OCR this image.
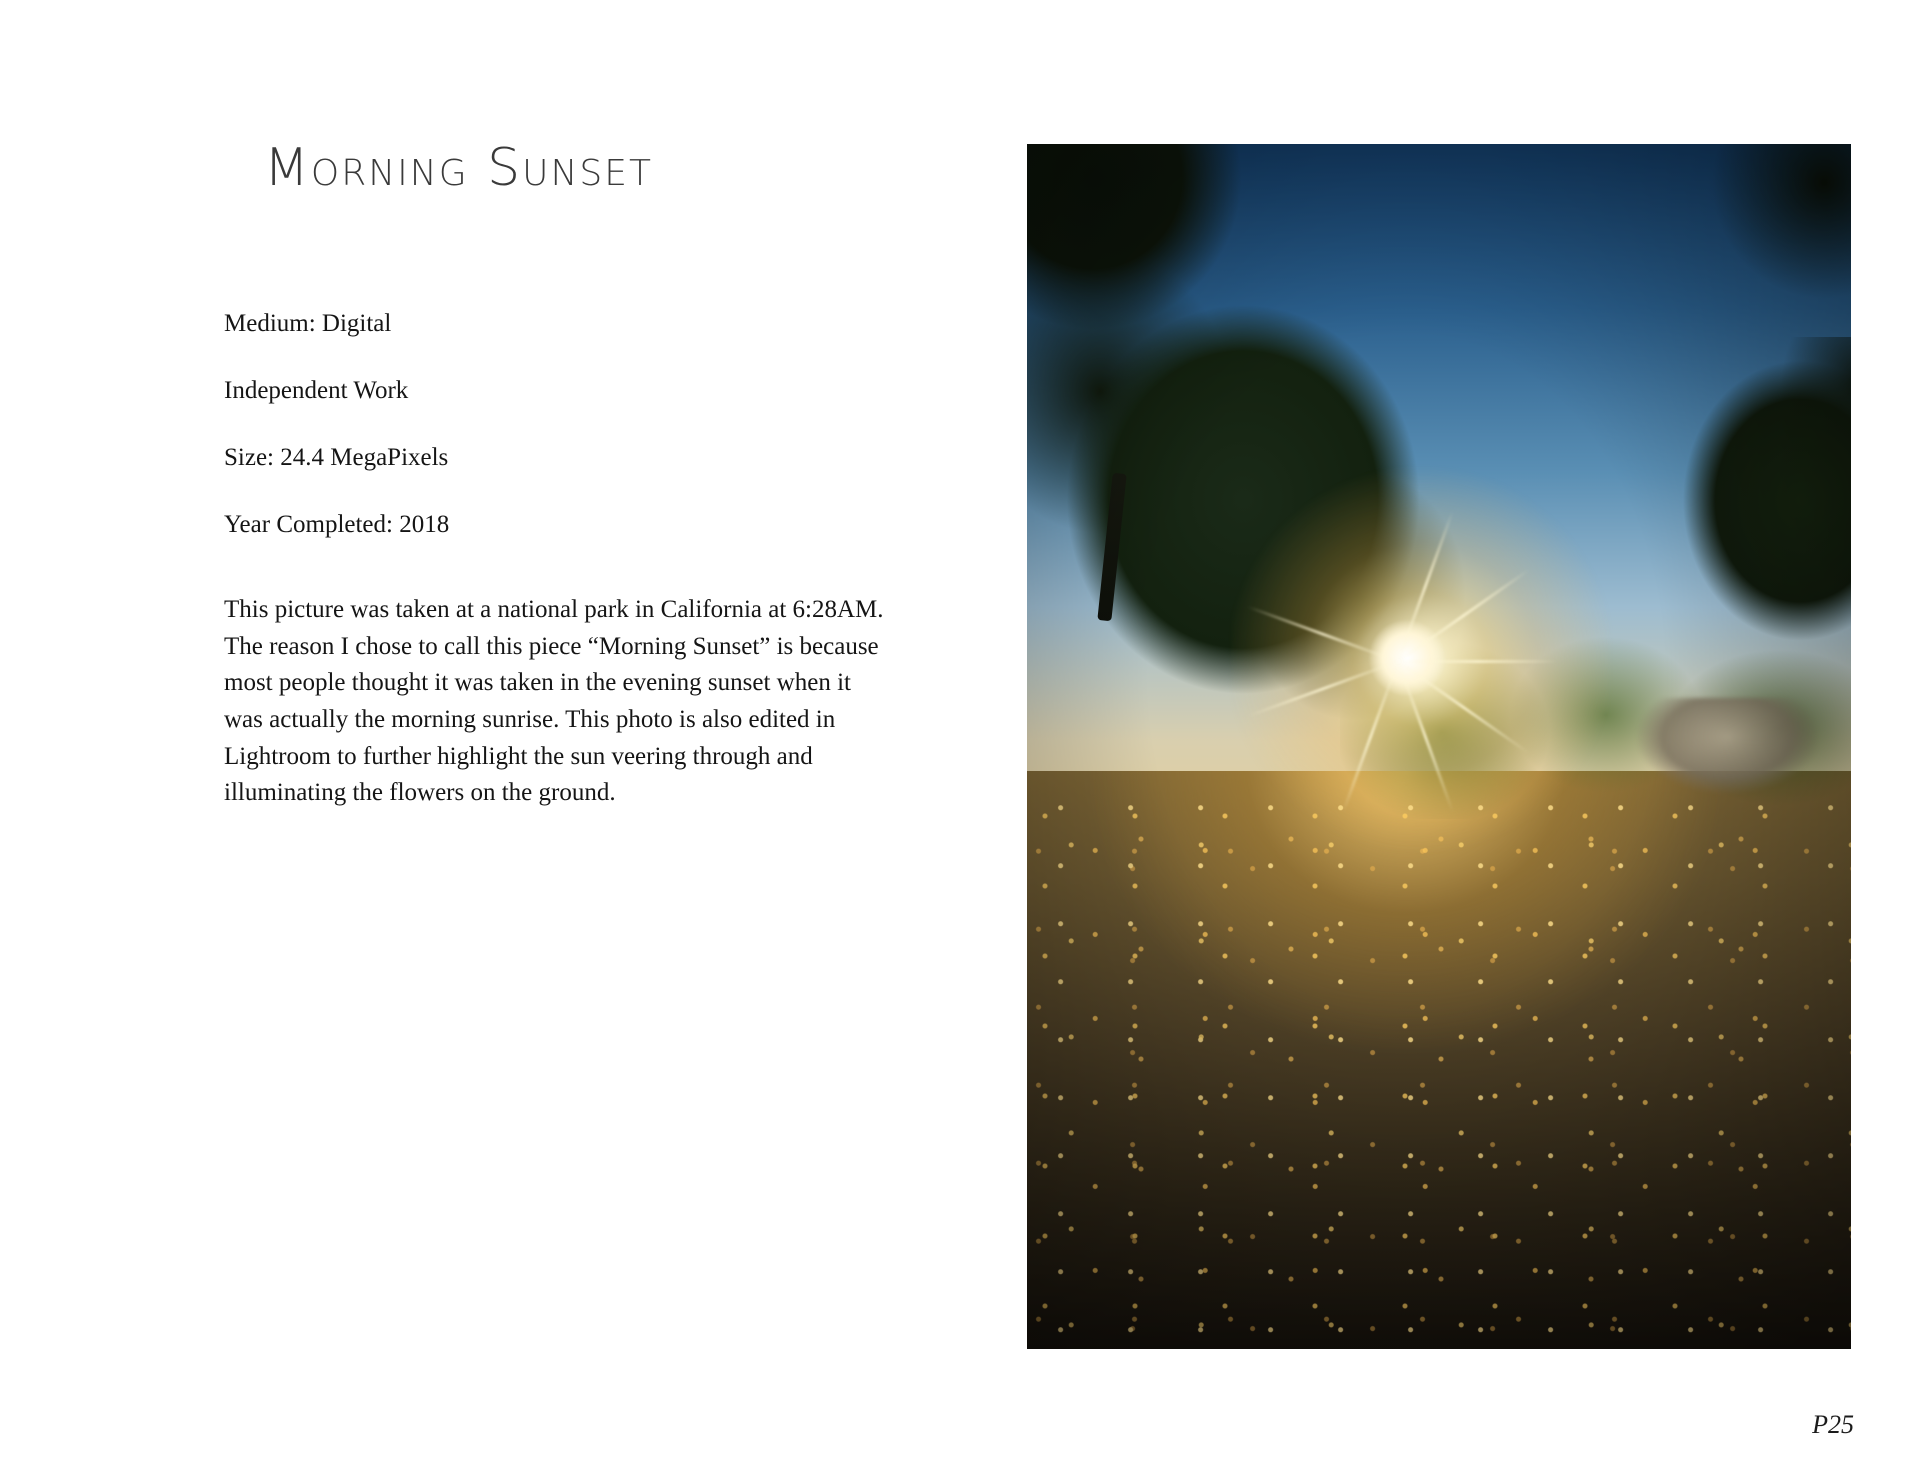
Morning Sunset
Medium: Digital
Independent Work
Size: 24.4 MegaPixels
Year Completed: 2018

This picture was taken at a national park in California at 6:28AM. The reason I chose to call this piece “Morning Sunset” is because most people thought it was taken in the evening sunset when it was actually the morning sunrise. This photo is also edited in Lightroom to further highlight the sun veering through and illuminating the flowers on the ground.

P25
